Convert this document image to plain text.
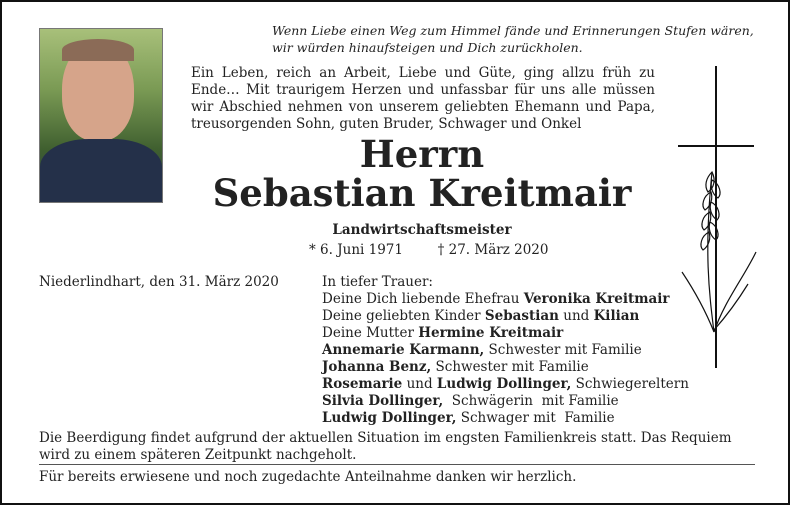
Wenn Liebe einen Weg zum Himmel fände und Erinnerungen Stufen wären,
wir würden hinaufsteigen und Dich zurückholen.
Ein Leben, reich an Arbeit, Liebe und Güte, ging allzu früh zu Ende… Mit traurigem Herzen und unfassbar für uns alle müssen wir Abschied nehmen von unserem geliebten Ehemann und Papa, treusorgenden Sohn, guten Bruder, Schwager und Onkel
Herrn
Sebastian Kreitmair
Landwirtschaftsmeister
* 6. Juni 1971	† 27. März 2020
Niederlindhart, den 31. März 2020	In tiefer Trauer:
Deine Dich liebende Ehefrau Veronika Kreitmair
Deine geliebten Kinder Sebastian und Kilian
Deine Mutter Hermine Kreitmair
Annemarie Karmann, Schwester mit Familie
Johanna Benz, Schwester mit Familie
Rosemarie und Ludwig Dollinger, Schwiegereltern
Silvia Dollinger,  Schwägerin  mit Familie
Ludwig Dollinger, Schwager mit  Familie
Die Beerdigung findet aufgrund der aktuellen Situation im engsten Familienkreis statt. Das Requiem wird zu einem späteren Zeitpunkt nachgeholt.
Für bereits erwiesene und noch zugedachte Anteilnahme danken wir herzlich.
